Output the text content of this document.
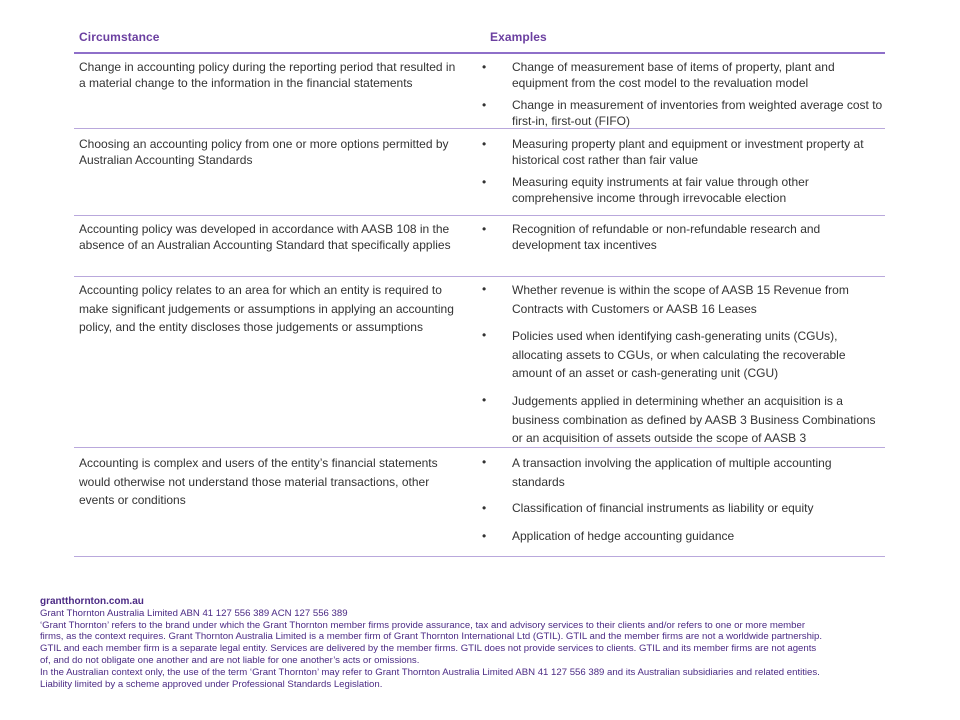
Circumstance	Examples
Change in accounting policy during the reporting period that resulted in a material change to the information in the financial statements
•	Change of measurement base of items of property, plant and equipment from the cost model to the revaluation model
•	Change in measurement of inventories from weighted average cost to first-in, first-out (FIFO)
Choosing an accounting policy from one or more options permitted by Australian Accounting Standards
•	Measuring property plant and equipment or investment property at historical cost rather than fair value
•	Measuring equity instruments at fair value through other comprehensive income through irrevocable election
Accounting policy was developed in accordance with AASB 108 in the absence of an Australian Accounting Standard that specifically applies
•	Recognition of refundable or non-refundable research and development tax incentives
Accounting policy relates to an area for which an entity is required to make significant judgements or assumptions in applying an accounting policy, and the entity discloses those judgements or assumptions
•	Whether revenue is within the scope of AASB 15 Revenue from Contracts with Customers or AASB 16 Leases
•	Policies used when identifying cash-generating units (CGUs), allocating assets to CGUs, or when calculating the recoverable amount of an asset or cash-generating unit (CGU)
•	Judgements applied in determining whether an acquisition is a business combination as defined by AASB 3 Business Combinations or an acquisition of assets outside the scope of AASB 3
Accounting is complex and users of the entity’s financial statements would otherwise not understand those material transactions, other events or conditions
•	A transaction involving the application of multiple accounting standards
•	Classification of financial instruments as liability or equity
•	Application of hedge accounting guidance
grantthornton.com.au
Grant Thornton Australia Limited ABN 41 127 556 389 ACN 127 556 389
‘Grant Thornton’ refers to the brand under which the Grant Thornton member firms provide assurance, tax and advisory services to their clients and/or refers to one or more member
firms, as the context requires. Grant Thornton Australia Limited is a member firm of Grant Thornton International Ltd (GTIL). GTIL and the member firms are not a worldwide partnership.
GTIL and each member firm is a separate legal entity. Services are delivered by the member firms. GTIL does not provide services to clients. GTIL and its member firms are not agents
of, and do not obligate one another and are not liable for one another’s acts or omissions.
In the Australian context only, the use of the term ‘Grant Thornton’ may refer to Grant Thornton Australia Limited ABN 41 127 556 389 and its Australian subsidiaries and related entities.
Liability limited by a scheme approved under Professional Standards Legislation.
